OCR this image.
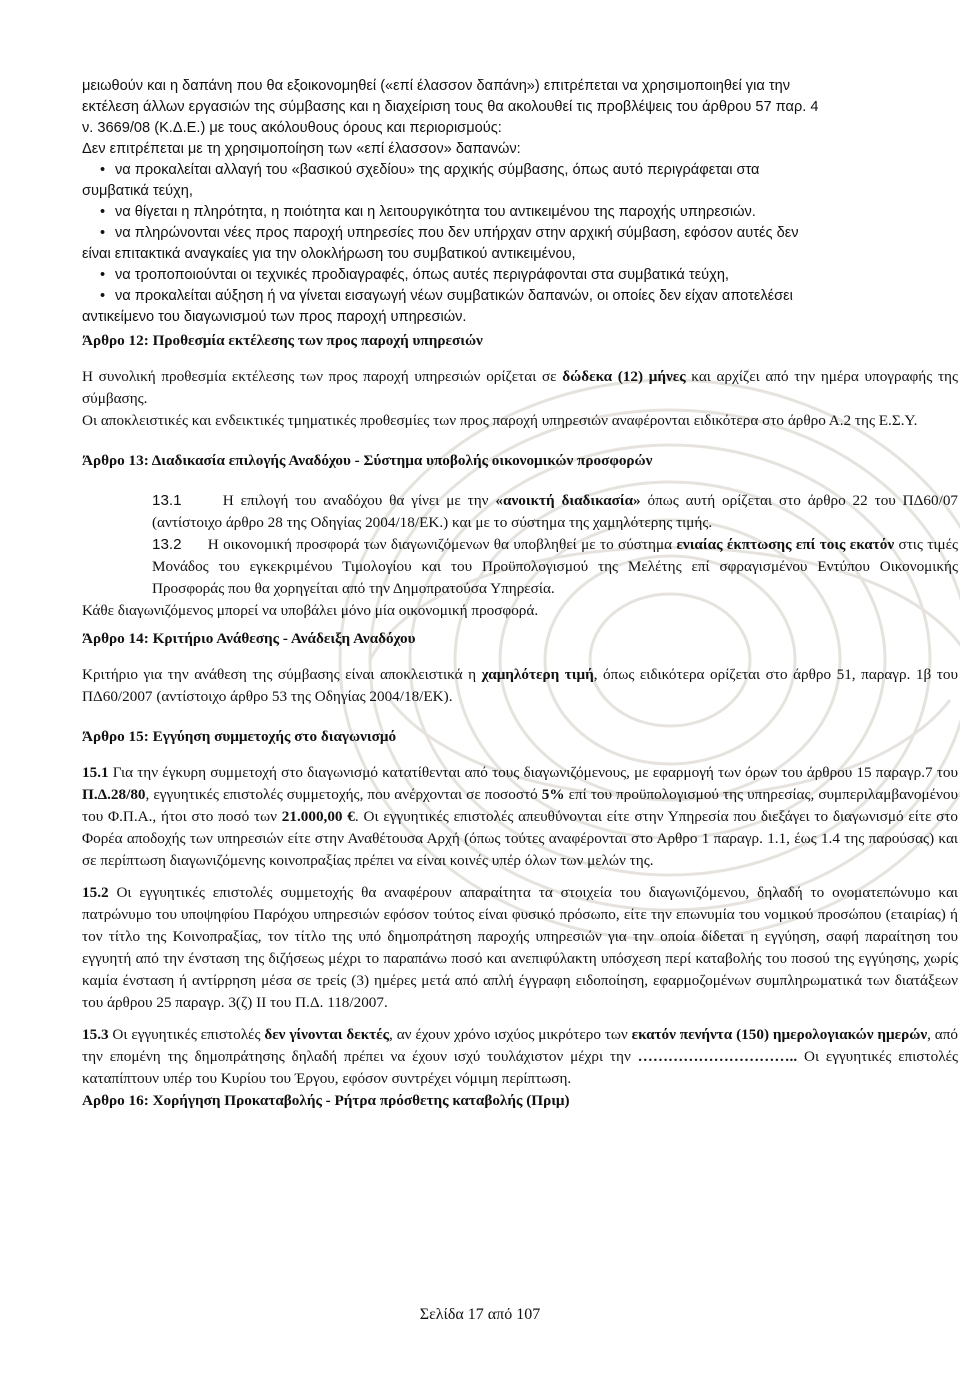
μειωθούν και η δαπάνη που θα εξοικονομηθεί («επί έλασσον δαπάνη») επιτρέπεται να χρησιμοποιηθεί για την
εκτέλεση άλλων εργασιών της σύμβασης και η διαχείριση τους θα ακολουθεί τις προβλέψεις του άρθρου 57 παρ. 4
ν. 3669/08 (Κ.Δ.Ε.) με τους ακόλουθους όρους και περιορισμούς:

Δεν επιτρέπεται με τη χρησιμοποίηση των «επί έλασσον» δαπανών:

• να προκαλείται αλλαγή του «βασικού σχεδίου» της αρχικής σύμβασης, όπως αυτό περιγράφεται στα

συμβατικά τεύχη,

• να θίγεται η πληρότητα, η ποιότητα και η λειτουργικότητα του αντικειμένου της παροχής υπηρεσιών.

• να πληρώνονται νέες προς παροχή υπηρεσίες που δεν υπήρχαν στην αρχική σύμβαση, εφόσον αυτές δεν

είναι επιτακτικά αναγκαίες για την ολοκλήρωση του συμβατικού αντικειμένου,

• να τροποποιούνται οι τεχνικές προδιαγραφές, όπως αυτές περιγράφονται στα συμβατικά τεύχη,

• να προκαλείται αύξηση ή να γίνεται εισαγωγή νέων συμβατικών δαπανών, οι οποίες δεν είχαν αποτελέσει

αντικείμενο του διαγωνισμού των προς παροχή υπηρεσιών.

Άρθρο 12: Προθεσμία εκτέλεσης των προς παροχή υπηρεσιών

Η συνολική προθεσμία εκτέλεσης των προς παροχή υπηρεσιών ορίζεται σε δώδεκα (12) μήνες και αρχίζει από την ημέρα υπογραφής της σύμβασης.

Οι αποκλειστικές και ενδεικτικές τμηματικές προθεσμίες των προς παροχή υπηρεσιών αναφέρονται ειδικότερα στο άρθρο Α.2 της Ε.Σ.Υ.

Άρθρο 13: Διαδικασία επιλογής Αναδόχου - Σύστημα υποβολής οικονομικών προσφορών

13.1	Η επιλογή του αναδόχου θα γίνει με την «ανοικτή διαδικασία» όπως αυτή ορίζεται στο άρθρο 22 του ΠΔ60/07 (αντίστοιχο άρθρο 28 της Οδηγίας 2004/18/ΕΚ.) και με το σύστημα της χαμηλότερης τιμής.

13.2 Η οικονομική προσφορά των διαγωνιζόμενων θα υποβληθεί με το σύστημα ενιαίας έκπτωσης επί τοις εκατόν στις τιμές Μονάδος του εγκεκριμένου Τιμολογίου και του Προϋπολογισμού της Μελέτης επί σφραγισμένου Εντύπου Οικονομικής Προσφοράς που θα χορηγείται από την Δημοπρατούσα Υπηρεσία.

Κάθε διαγωνιζόμενος μπορεί να υποβάλει μόνο μία οικονομική προσφορά.

Άρθρο 14: Κριτήριο Ανάθεσης - Ανάδειξη Αναδόχου

Κριτήριο για την ανάθεση της σύμβασης είναι αποκλειστικά η χαμηλότερη τιμή, όπως ειδικότερα ορίζεται στο άρθρο 51, παραγρ. 1β του ΠΔ60/2007 (αντίστοιχο άρθρο 53 της Οδηγίας 2004/18/ΕΚ).

Άρθρο 15: Εγγύηση συμμετοχής στο διαγωνισμό

15.1 Για την έγκυρη συμμετοχή στο διαγωνισμό κατατίθενται από τους διαγωνιζόμενους, με εφαρμογή των όρων του άρθρου 15 παραγρ.7 του Π.Δ.28/80, εγγυητικές επιστολές συμμετοχής, που ανέρχονται σε ποσοστό 5% επί του προϋπολογισμού της υπηρεσίας, συμπεριλαμβανομένου του Φ.Π.Α., ήτοι στο ποσό των 21.000,00 €. Οι εγγυητικές επιστολές απευθύνονται είτε στην Υπηρεσία που διεξάγει το διαγωνισμό είτε στο Φορέα αποδοχής των υπηρεσιών είτε στην Αναθέτουσα Αρχή (όπως τούτες αναφέρονται στο Αρθρο 1 παραγρ. 1.1, έως 1.4 της παρούσας) και σε περίπτωση διαγωνιζόμενης κοινοπραξίας πρέπει να είναι κοινές υπέρ όλων των μελών της.

15.2 Οι εγγυητικές επιστολές συμμετοχής θα αναφέρουν απαραίτητα τα στοιχεία του διαγωνιζόμενου, δηλαδή το ονοματεπώνυμο και πατρώνυμο του υποψηφίου Παρόχου υπηρεσιών εφόσον τούτος είναι φυσικό πρόσωπο, είτε την επωνυμία του νομικού προσώπου (εταιρίας) ή τον τίτλο της Κοινοπραξίας, τον τίτλο της υπό δημοπράτηση παροχής υπηρεσιών για την οποία δίδεται η εγγύηση, σαφή παραίτηση του εγγυητή από την ένσταση της διζήσεως μέχρι το παραπάνω ποσό και ανεπιφύλακτη υπόσχεση περί καταβολής του ποσού της εγγύησης, χωρίς καμία ένσταση ή αντίρρηση μέσα σε τρείς (3) ημέρες μετά από απλή έγγραφη ειδοποίηση, εφαρμοζομένων συμπληρωματικά των διατάξεων του άρθρου 25 παραγρ. 3(ζ) ΙΙ του Π.Δ. 118/2007.

15.3 Οι εγγυητικές επιστολές δεν γίνονται δεκτές, αν έχουν χρόνο ισχύος μικρότερο των εκατόν πενήντα (150) ημερολογιακών ημερών, από την επομένη της δημοπράτησης δηλαδή πρέπει να έχουν ισχύ τουλάχιστον μέχρι την ………………………….. Οι εγγυητικές επιστολές καταπίπτουν υπέρ του Κυρίου του Έργου, εφόσον συντρέχει νόμιμη περίπτωση.

Αρθρο 16: Χορήγηση Προκαταβολής - Ρήτρα πρόσθετης καταβολής (Πριμ)

Σελίδα 17 από 107
